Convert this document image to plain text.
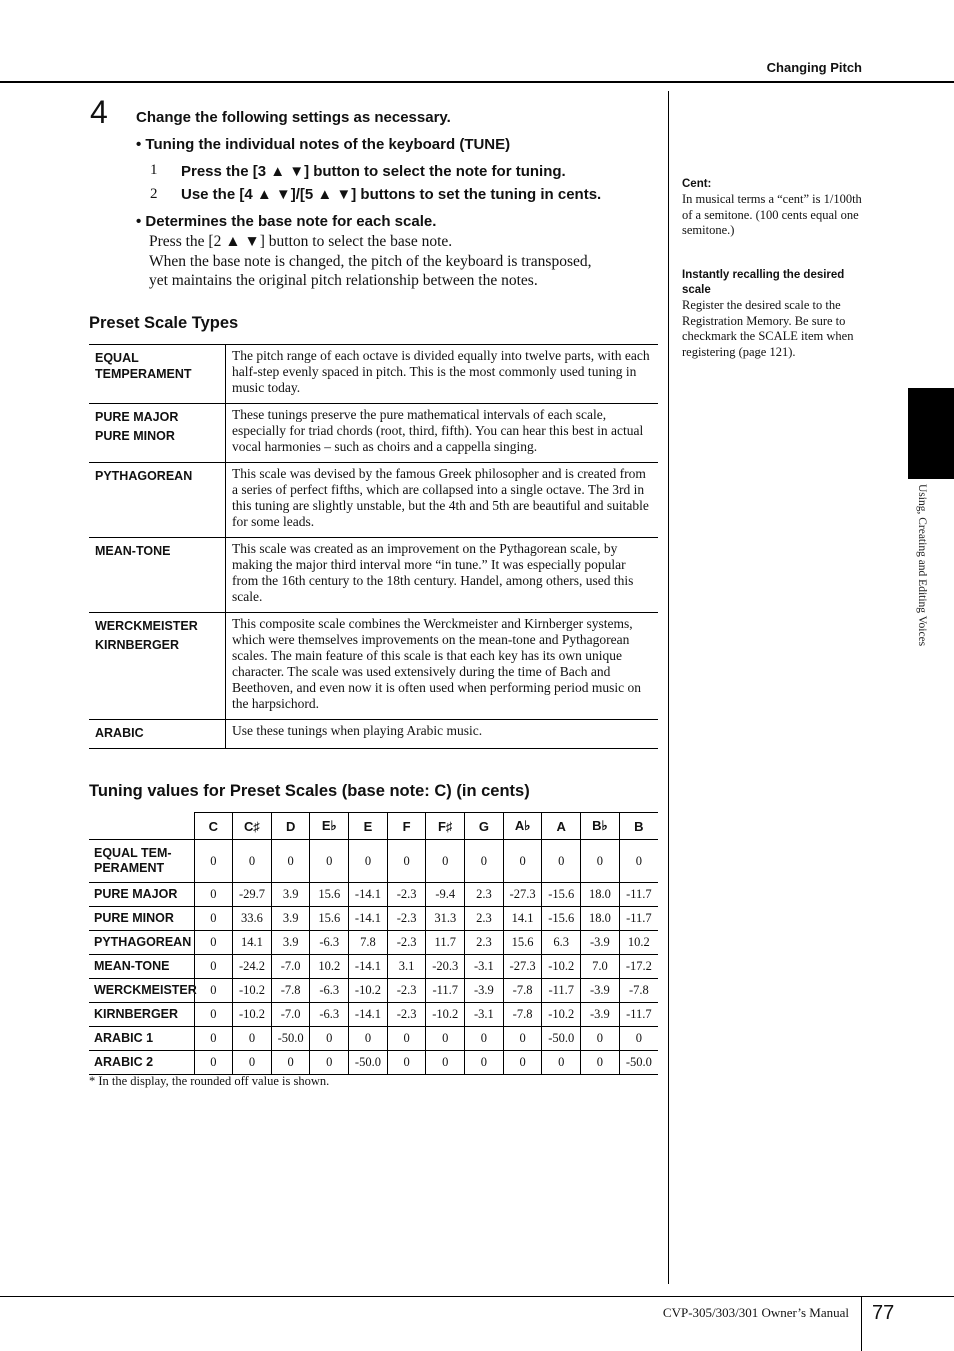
Changing Pitch
Using, Creating and Editing Voices
4 Change the following settings as necessary.
• Tuning the individual notes of the keyboard (TUNE)
1 Press the [3 ▲ ▼] button to select the note for tuning.
2 Use the [4 ▲ ▼]/[5 ▲ ▼] buttons to set the tuning in cents.
• Determines the base note for each scale.
Press the [2 ▲ ▼] button to select the base note.
When the base note is changed, the pitch of the keyboard is transposed,
yet maintains the original pitch relationship between the notes.
Preset Scale Types
EQUAL
TEMPERAMENT	The pitch range of each octave is divided equally into twelve parts, with each half-step evenly spaced in pitch. This is the most commonly used tuning in music today.

PURE MAJOR
PURE MINOR	These tunings preserve the pure mathematical intervals of each scale, especially for triad chords (root, third, fifth). You can hear this best in actual vocal harmonies – such as choirs and a cappella singing.

PYTHAGOREAN	This scale was devised by the famous Greek philosopher and is created from a series of perfect fifths, which are collapsed into a single octave. The 3rd in this tuning are slightly unstable, but the 4th and 5th are beautiful and suitable for some leads.

MEAN-TONE	This scale was created as an improvement on the Pythagorean scale, by making the major third interval more “in tune.” It was especially popular from the 16th century to the 18th century. Handel, among others, used this scale.

WERCKMEISTER
KIRNBERGER	This composite scale combines the Werckmeister and Kirnberger systems, which were themselves improvements on the mean-tone and Pythagorean scales. The main feature of this scale is that each key has its own unique character. The scale was used extensively during the time of Bach and Beethoven, and even now it is often used when performing period music on the harpsichord.

ARABIC	Use these tunings when playing Arabic music.
Tuning values for Preset Scales (base note: C) (in cents)
	C	C♯	D	E♭	E	F	F♯	G	A♭	A	B♭	B
EQUAL TEM-PERAMENT	0	0	0	0	0	0	0	0	0	0	0	0
PURE MAJOR	0	-29.7	3.9	15.6	-14.1	-2.3	-9.4	2.3	-27.3	-15.6	18.0	-11.7
PURE MINOR	0	33.6	3.9	15.6	-14.1	-2.3	31.3	2.3	14.1	-15.6	18.0	-11.7
PYTHAGOREAN	0	14.1	3.9	-6.3	7.8	-2.3	11.7	2.3	15.6	6.3	-3.9	10.2
MEAN-TONE	0	-24.2	-7.0	10.2	-14.1	3.1	-20.3	-3.1	-27.3	-10.2	7.0	-17.2
WERCKMEISTER	0	-10.2	-7.8	-6.3	-10.2	-2.3	-11.7	-3.9	-7.8	-11.7	-3.9	-7.8
KIRNBERGER	0	-10.2	-7.0	-6.3	-14.1	-2.3	-10.2	-3.1	-7.8	-10.2	-3.9	-11.7
ARABIC 1	0	0	-50.0	0	0	0	0	0	0	-50.0	0	0
ARABIC 2	0	0	0	0	-50.0	0	0	0	0	0	0	-50.0
* In the display, the rounded off value is shown.
Cent:
In musical terms a “cent” is 1/100th of a semitone. (100 cents equal one semitone.)
Instantly recalling the desired scale
Register the desired scale to the Registration Memory. Be sure to checkmark the SCALE item when registering (page 121).
CVP-305/303/301 Owner’s Manual 77
